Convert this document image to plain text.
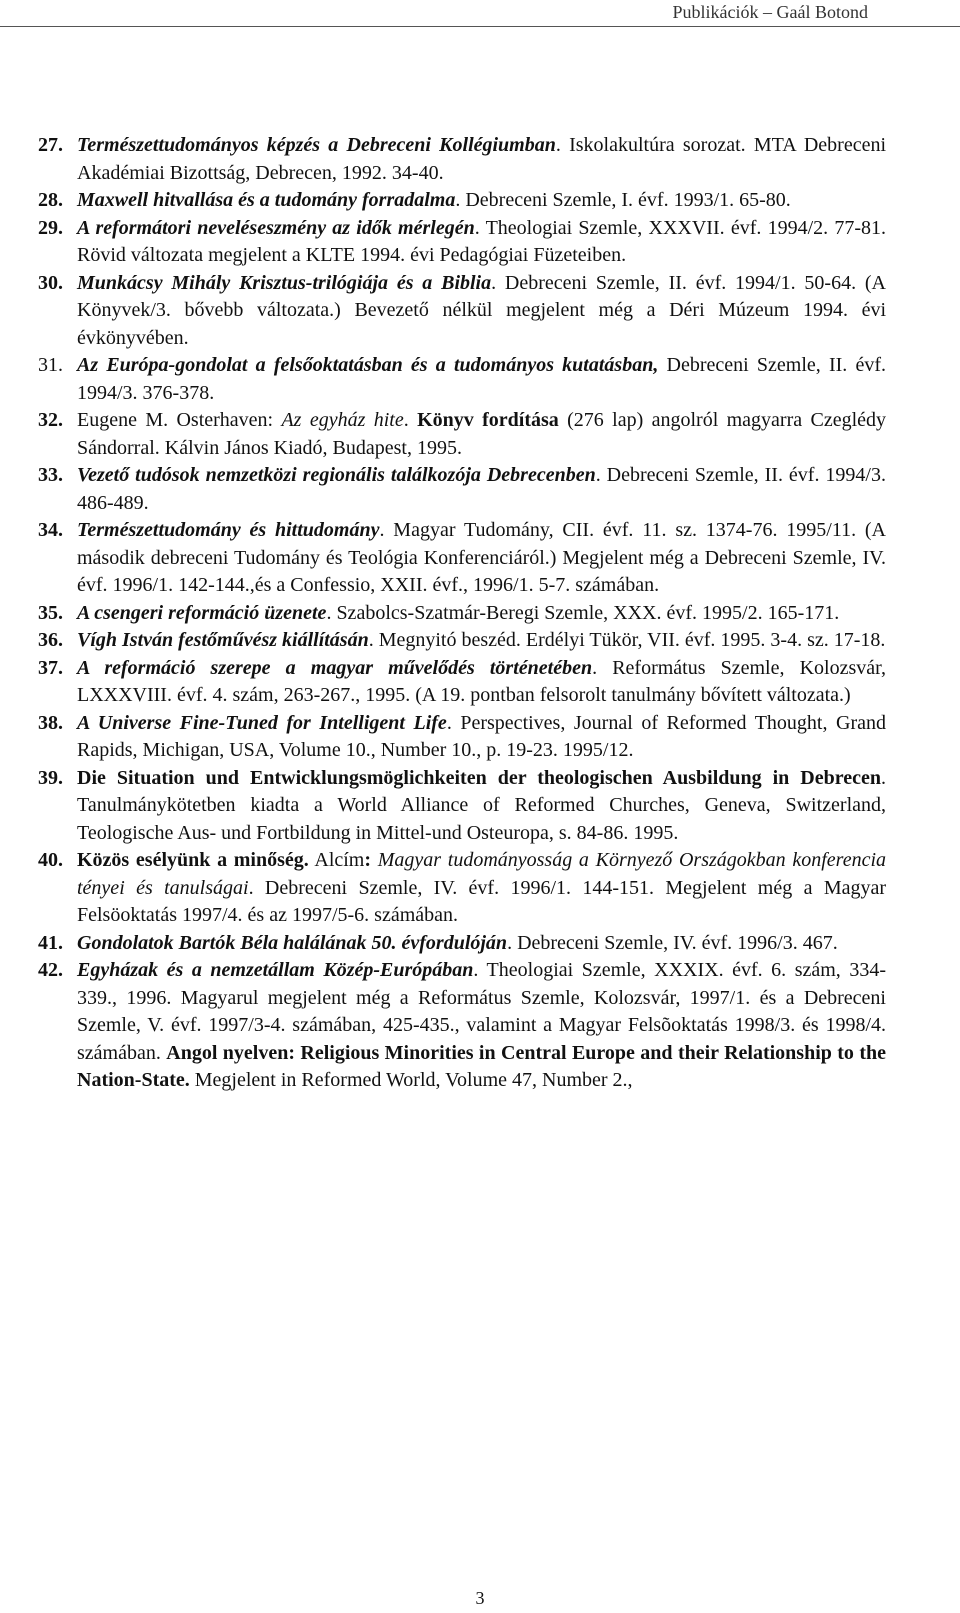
Publikációk – Gaál Botond
27. Természettudományos képzés a Debreceni Kollégiumban. Iskolakultúra sorozat. MTA Debreceni Akadémiai Bizottság, Debrecen, 1992. 34-40.
28. Maxwell hitvallása és a tudomány forradalma. Debreceni Szemle, I. évf. 1993/1. 65-80.
29. A reformátori neveléseszmény az idők mérlegén. Theologiai Szemle, XXXVII. évf. 1994/2. 77-81. Rövid változata megjelent a KLTE 1994. évi Pedagógiai Füzeteiben.
30. Munkácsy Mihály Krisztus-trilógiája és a Biblia. Debreceni Szemle, II. évf. 1994/1. 50-64. (A Könyvek/3. bővebb változata.) Bevezető nélkül megjelent még a Déri Múzeum 1994. évi évkönyvében.
31. Az Európa-gondolat a felsőoktatásban és a tudományos kutatásban, Debreceni Szemle, II. évf. 1994/3. 376-378.
32. Eugene M. Osterhaven: Az egyház hite. Könyv fordítása (276 lap) angolról magyarra Czeglédy Sándorral. Kálvin János Kiadó, Budapest, 1995.
33. Vezető tudósok nemzetközi regionális találkozója Debrecenben. Debreceni Szemle, II. évf. 1994/3. 486-489.
34. Természettudomány és hittudomány. Magyar Tudomány, CII. évf. 11. sz. 1374-76. 1995/11. (A második debreceni Tudomány és Teológia Konferenciáról.) Megjelent még a Debreceni Szemle, IV. évf. 1996/1. 142-144.,és a Confessio, XXII. évf., 1996/1. 5-7. számában.
35. A csengeri reformáció üzenete. Szabolcs-Szatmár-Beregi Szemle, XXX. évf. 1995/2. 165-171.
36. Vígh István festőművész kiállításán. Megnyitó beszéd. Erdélyi Tükör, VII. évf. 1995. 3-4. sz. 17-18.
37. A reformáció szerepe a magyar művelődés történetében. Református Szemle, Kolozsvár, LXXXVIII. évf. 4. szám, 263-267., 1995. (A 19. pontban felsorolt tanulmány bővített változata.)
38. A Universe Fine-Tuned for Intelligent Life. Perspectives, Journal of Reformed Thought, Grand Rapids, Michigan, USA, Volume 10., Number 10., p. 19-23. 1995/12.
39. Die Situation und Entwicklungsmöglichkeiten der theologischen Ausbildung in Debrecen. Tanulmánykötetben kiadta a World Alliance of Reformed Churches, Geneva, Switzerland, Teologische Aus- und Fortbildung in Mittel-und Osteuropa, s. 84-86. 1995.
40. Közös esélyünk a minőség. Alcím: Magyar tudományosság a Környező Országokban konferencia tényei és tanulságai. Debreceni Szemle, IV. évf. 1996/1. 144-151. Megjelent még a Magyar Felsöoktatás 1997/4. és az 1997/5-6. számában.
41. Gondolatok Bartók Béla halálának 50. évfordulóján. Debreceni Szemle, IV. évf. 1996/3. 467.
42. Egyházak és a nemzetállam Közép-Európában. Theologiai Szemle, XXXIX. évf. 6. szám, 334-339., 1996. Magyarul megjelent még a Református Szemle, Kolozsvár, 1997/1. és a Debreceni Szemle, V. évf. 1997/3-4. számában, 425-435., valamint a Magyar Felsõoktatás 1998/3. és 1998/4. számában. Angol nyelven: Religious Minorities in Central Europe and their Relationship to the Nation-State. Megjelent in Reformed World, Volume 47, Number 2.,
3
